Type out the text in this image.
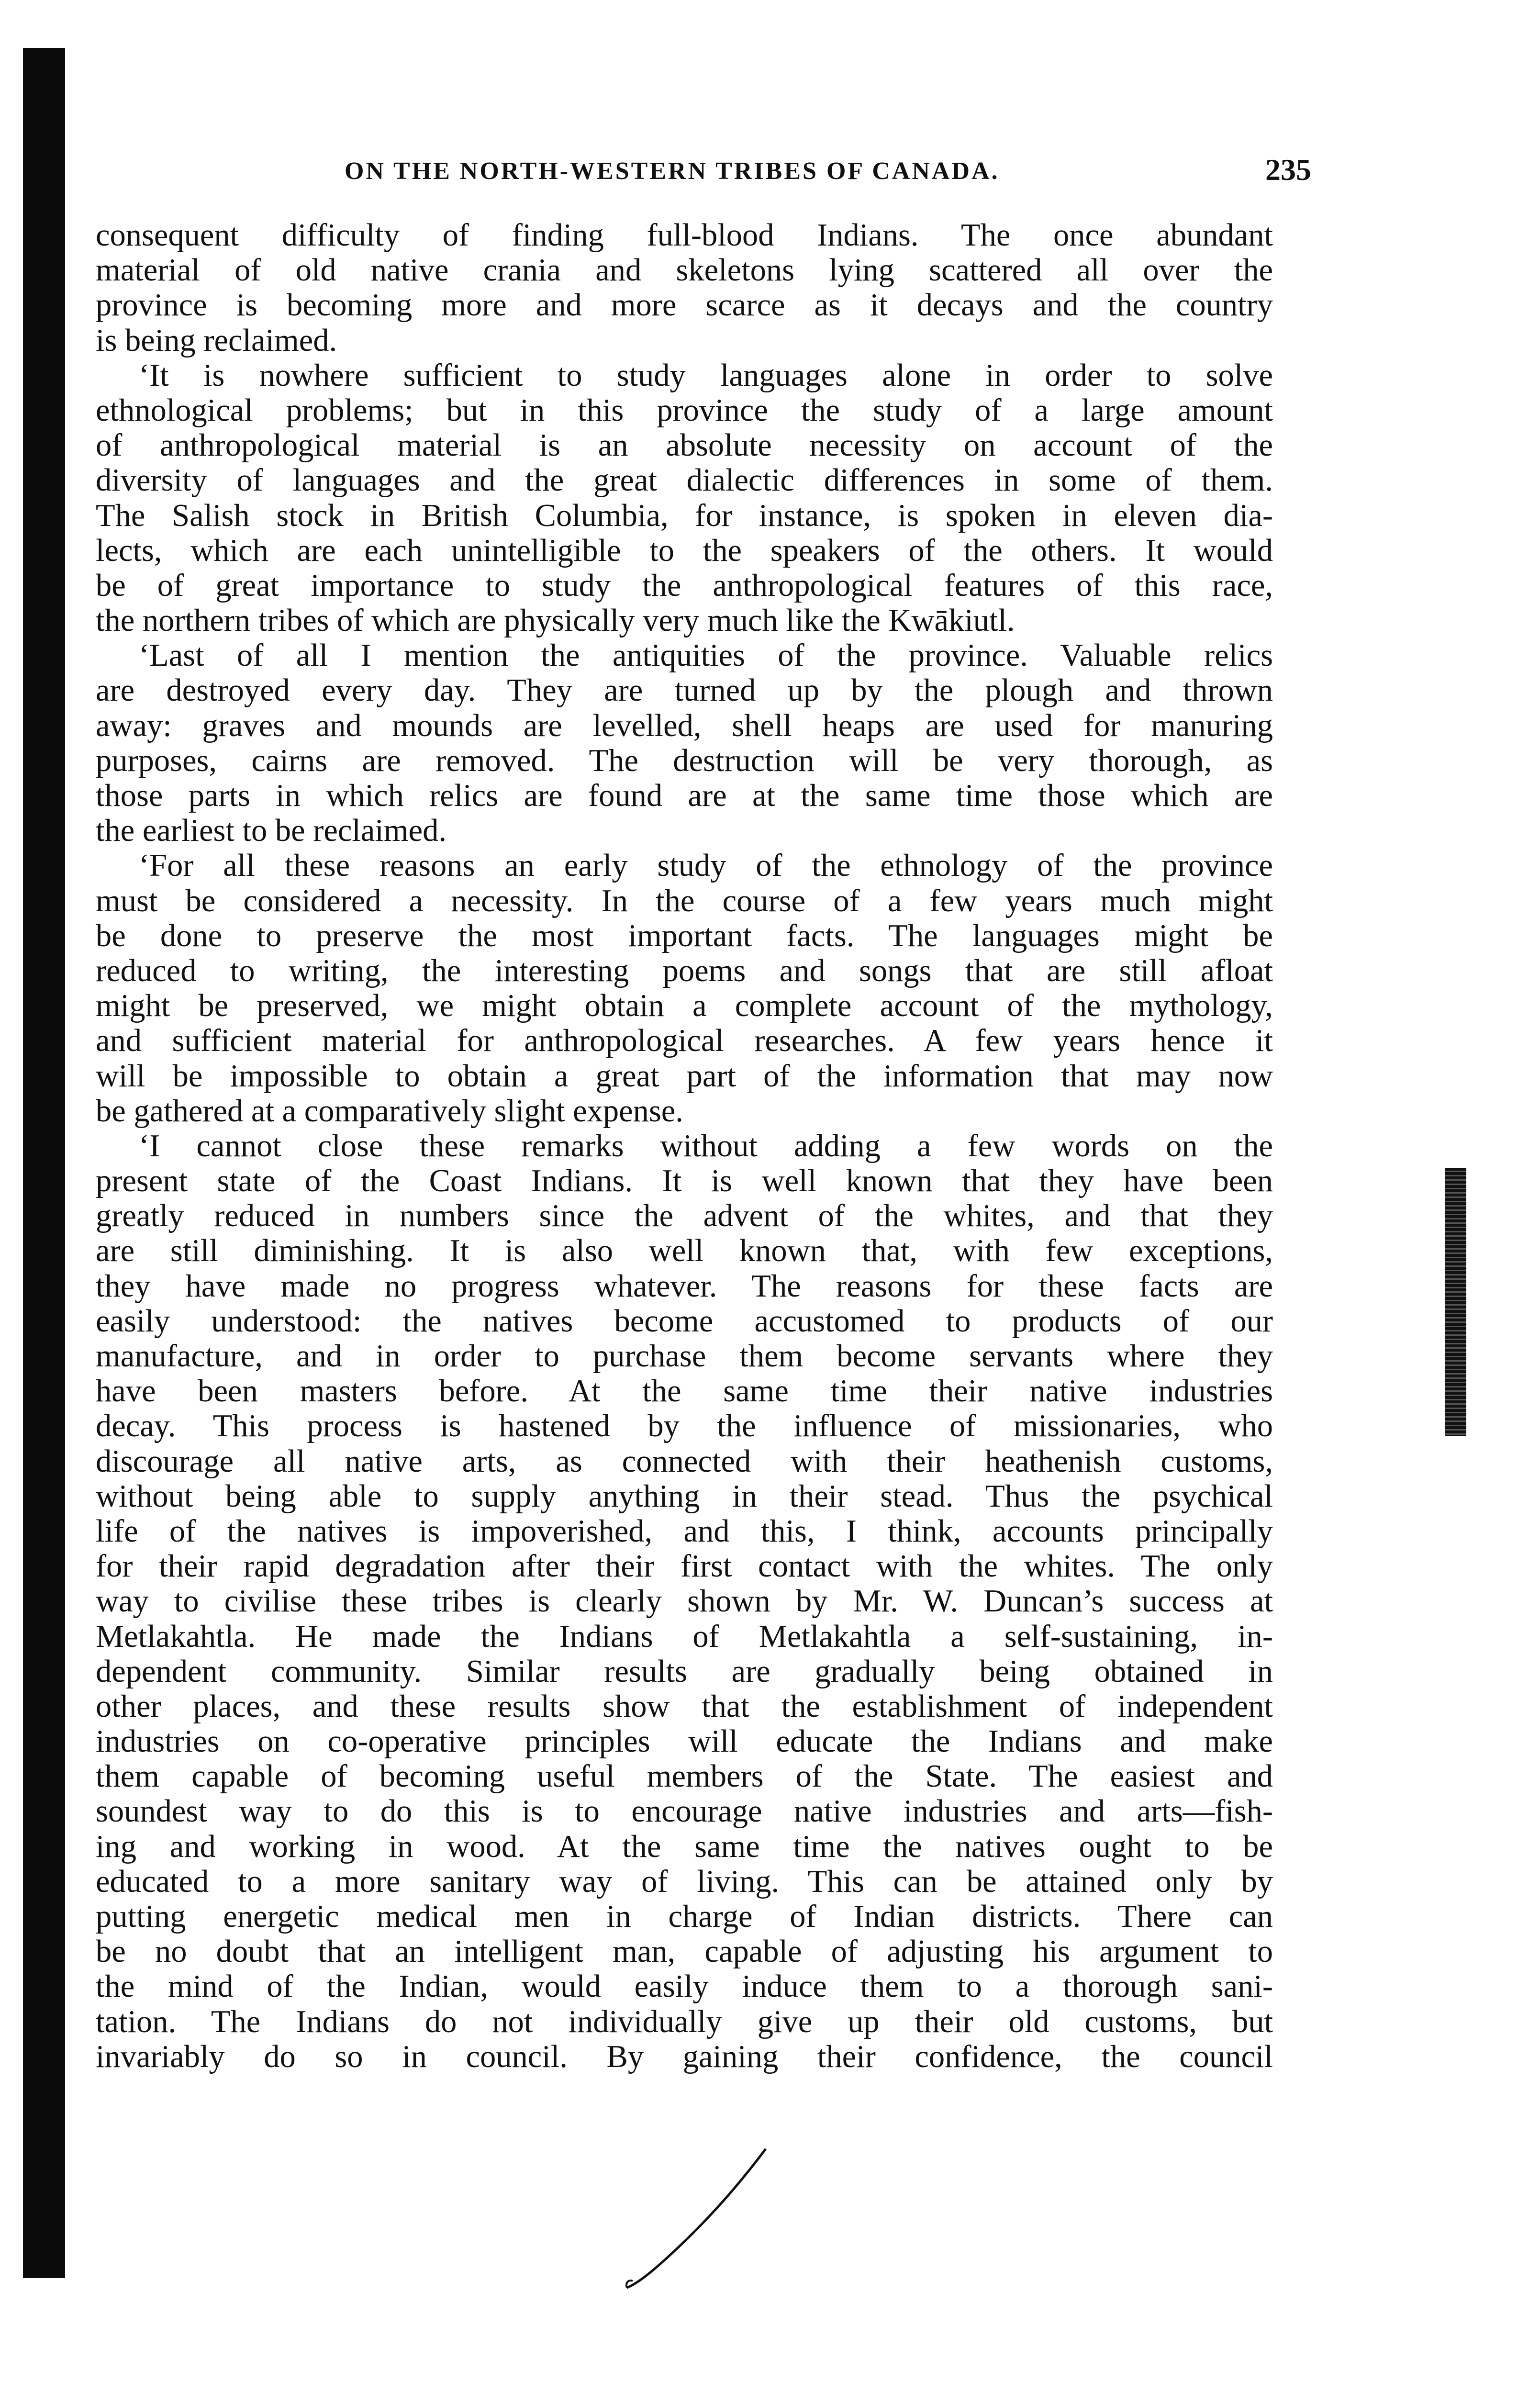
ON THE NORTH-WESTERN TRIBES OF CANADA.	235
consequent difficulty of finding full-blood Indians. The once abundant
material of old native crania and skeletons lying scattered all over the
province is becoming more and more scarce as it decays and the country
is being reclaimed.
‘It is nowhere sufficient to study languages alone in order to solve
ethnological problems; but in this province the study of a large amount
of anthropological material is an absolute necessity on account of the
diversity of languages and the great dialectic differences in some of them.
The Salish stock in British Columbia, for instance, is spoken in eleven dia-
lects, which are each unintelligible to the speakers of the others. It would
be of great importance to study the anthropological features of this race,
the northern tribes of which are physically very much like the Kwākiutl.
‘Last of all I mention the antiquities of the province. Valuable relics
are destroyed every day. They are turned up by the plough and thrown
away: graves and mounds are levelled, shell heaps are used for manuring
purposes, cairns are removed. The destruction will be very thorough, as
those parts in which relics are found are at the same time those which are
the earliest to be reclaimed.
‘For all these reasons an early study of the ethnology of the province
must be considered a necessity. In the course of a few years much might
be done to preserve the most important facts. The languages might be
reduced to writing, the interesting poems and songs that are still afloat
might be preserved, we might obtain a complete account of the mythology,
and sufficient material for anthropological researches. A few years hence it
will be impossible to obtain a great part of the information that may now
be gathered at a comparatively slight expense.
‘I cannot close these remarks without adding a few words on the
present state of the Coast Indians. It is well known that they have been
greatly reduced in numbers since the advent of the whites, and that they
are still diminishing. It is also well known that, with few exceptions,
they have made no progress whatever. The reasons for these facts are
easily understood: the natives become accustomed to products of our
manufacture, and in order to purchase them become servants where they
have been masters before. At the same time their native industries
decay. This process is hastened by the influence of missionaries, who
discourage all native arts, as connected with their heathenish customs,
without being able to supply anything in their stead. Thus the psychical
life of the natives is impoverished, and this, I think, accounts principally
for their rapid degradation after their first contact with the whites. The only
way to civilise these tribes is clearly shown by Mr. W. Duncan’s success at
Metlakahtla. He made the Indians of Metlakahtla a self-sustaining, in-
dependent community. Similar results are gradually being obtained in
other places, and these results show that the establishment of independent
industries on co-operative principles will educate the Indians and make
them capable of becoming useful members of the State. The easiest and
soundest way to do this is to encourage native industries and arts—fish-
ing and working in wood. At the same time the natives ought to be
educated to a more sanitary way of living. This can be attained only by
putting energetic medical men in charge of Indian districts. There can
be no doubt that an intelligent man, capable of adjusting his argument to
the mind of the Indian, would easily induce them to a thorough sani-
tation. The Indians do not individually give up their old customs, but
invariably do so in council. By gaining their confidence, the council
